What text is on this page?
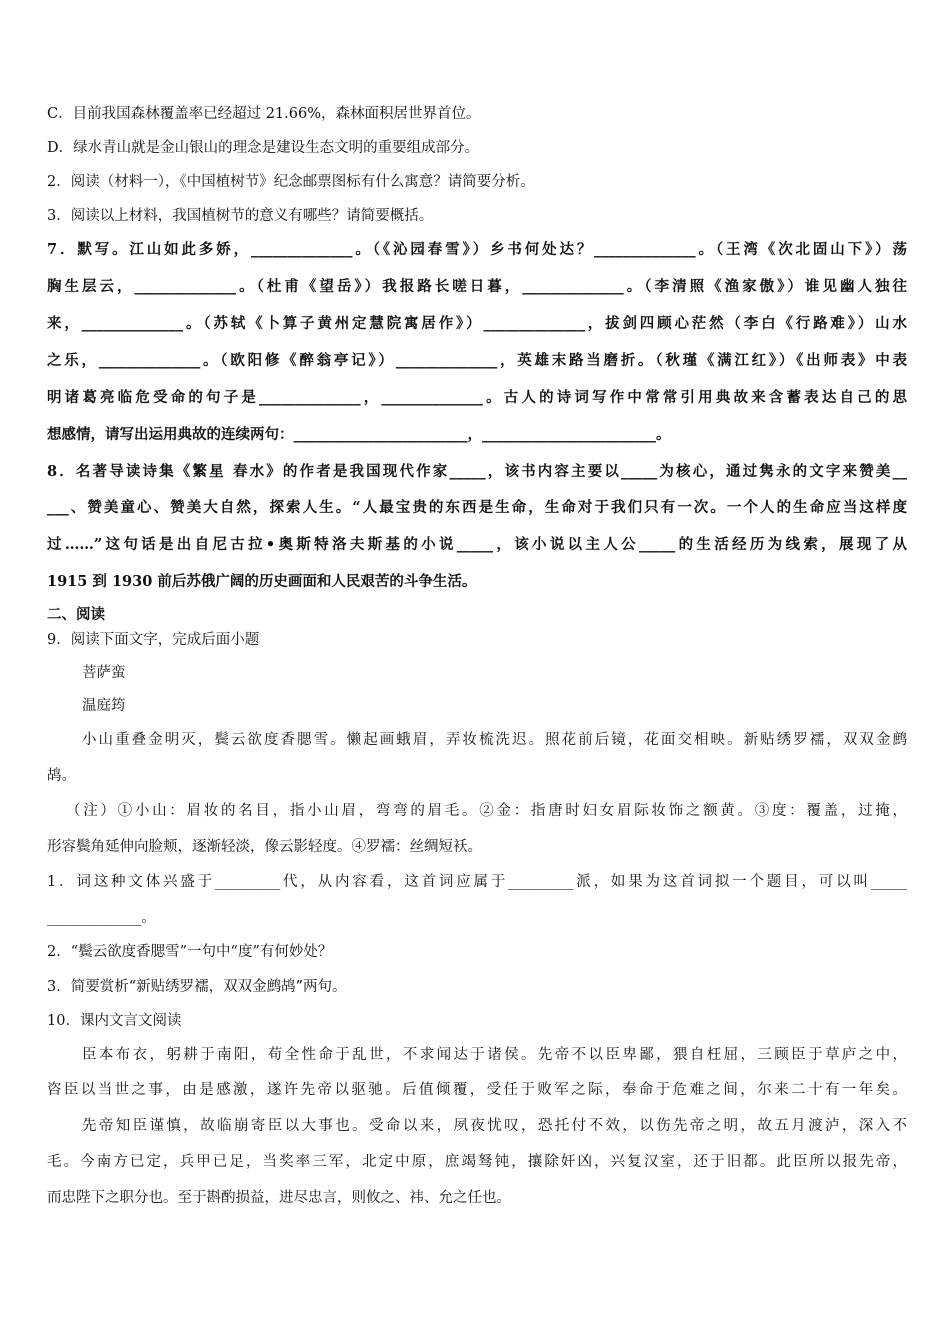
C．目前我国森林覆盖率已经超过 21.66%，森林面积居世界首位。
D．绿水青山就是金山银山的理念是建设生态文明的重要组成部分。
2．阅读（材料一），《中国植树节》纪念邮票图标有什么寓意？请简要分析。
3．阅读以上材料，我国植树节的意义有哪些？请简要概括。
7．默写。江山如此多娇，______________。（《沁园春雪》）乡书何处达？______________。（王湾《次北固山下》）荡
胸生层云，______________。（杜甫《望岳》）我报路长嗟日暮，______________。（李清照《渔家傲》）谁见幽人独往
来，______________。（苏轼《卜算子黄州定慧院寓居作》）______________，拔剑四顾心茫然（李白《行路难》）山水
之乐，______________。（欧阳修《醉翁亭记》）______________，英雄末路当磨折。（秋瑾《满江红》）《出师表》中表
明诸葛亮临危受命的句子是______________，______________。古人的诗词写作中常常引用典故来含蓄表达自己的思
想感情，请写出运用典故的连续两句：________________________，________________________。
8．名著导读诗集《繁星 春水》的作者是我国现代作家_____，该书内容主要以_____为核心，通过隽永的文字来赞美__
___、赞美童心、赞美大自然，探索人生。“人最宝贵的东西是生命，生命对于我们只有一次。一个人的生命应当这样度
过……”这句话是出自尼古拉•奥斯特洛夫斯基的小说_____，该小说以主人公_____的生活经历为线索，展现了从
1915 到 1930 前后苏俄广阔的历史画面和人民艰苦的斗争生活。
二、阅读
9．阅读下面文字，完成后面小题
菩萨蛮
温庭筠
小山重叠金明灭，鬓云欲度香腮雪。懒起画蛾眉，弄妆梳洗迟。照花前后镜，花面交相映。新贴绣罗襦，双双金鹧
鸪。
（注）①小山：眉妆的名目，指小山眉，弯弯的眉毛。②金：指唐时妇女眉际妆饰之额黄。③度：覆盖，过掩，
形容鬓角延伸向脸颊，逐渐轻淡，像云影轻度。④罗襦：丝绸短袄。
1．词这种文体兴盛于_________代，从内容看，这首词应属于_________派，如果为这首词拟一个题目，可以叫_____
_____________。
2．“鬓云欲度香腮雪”一句中“度”有何妙处？
3．简要赏析“新贴绣罗襦，双双金鹧鸪”两句。
10．课内文言文阅读
臣本布衣，躬耕于南阳，苟全性命于乱世，不求闻达于诸侯。先帝不以臣卑鄙，猥自枉屈，三顾臣于草庐之中，
咨臣以当世之事，由是感激，遂许先帝以驱驰。后值倾覆，受任于败军之际，奉命于危难之间，尔来二十有一年矣。
先帝知臣谨慎，故临崩寄臣以大事也。受命以来，夙夜忧叹，恐托付不效，以伤先帝之明，故五月渡泸，深入不
毛。今南方已定，兵甲已足，当奖率三军，北定中原，庶竭驽钝，攘除奸凶，兴复汉室，还于旧都。此臣所以报先帝，
而忠陛下之职分也。至于斟酌损益，进尽忠言，则攸之、祎、允之任也。
